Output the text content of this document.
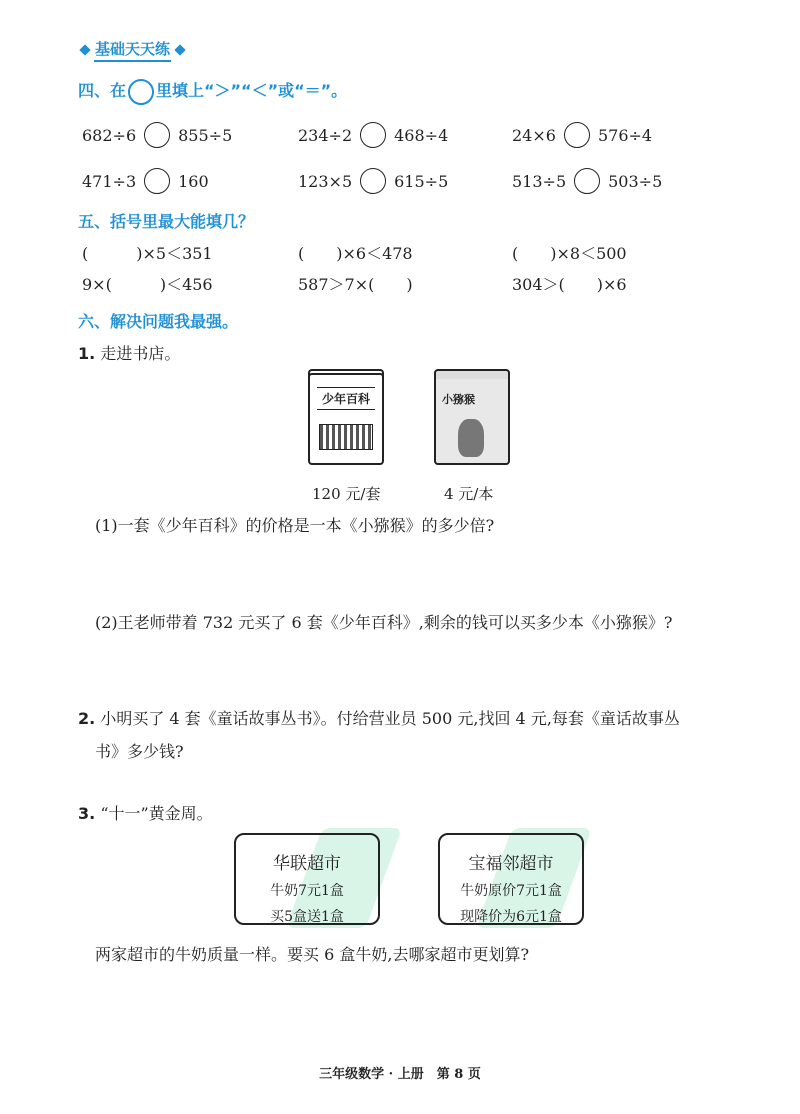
基础天天练
四、在 里填上“＞”“＜”或“＝”。
682÷6	855÷5	234÷2	468÷4	24×6	576÷4
471÷3	160	123×5	615÷5	513÷5	503÷5
五、括号里最大能填几？
(　　　)×5＜351	(　　)×6＜478	(　　)×8＜500
9×(　　　)＜456	587＞7×(　　)	304＞(　　)×6
六、解决问题我最强。
1. 走进书店。
少年百科	小猕猴
120 元/套	4 元/本
(1)一套《少年百科》的价格是一本《小猕猴》的多少倍?
(2)王老师带着 732 元买了 6 套《少年百科》,剩余的钱可以买多少本《小猕猴》?
2. 小明买了 4 套《童话故事丛书》。付给营业员 500 元,找回 4 元,每套《童话故事丛
书》多少钱?
3. “十一”黄金周。
华联超市
牛奶7元1盒
买5盒送1盒
宝福邻超市
牛奶原价7元1盒
现降价为6元1盒
两家超市的牛奶质量一样。要买 6 盒牛奶,去哪家超市更划算?
三年级数学 · 上册　第 8 页
